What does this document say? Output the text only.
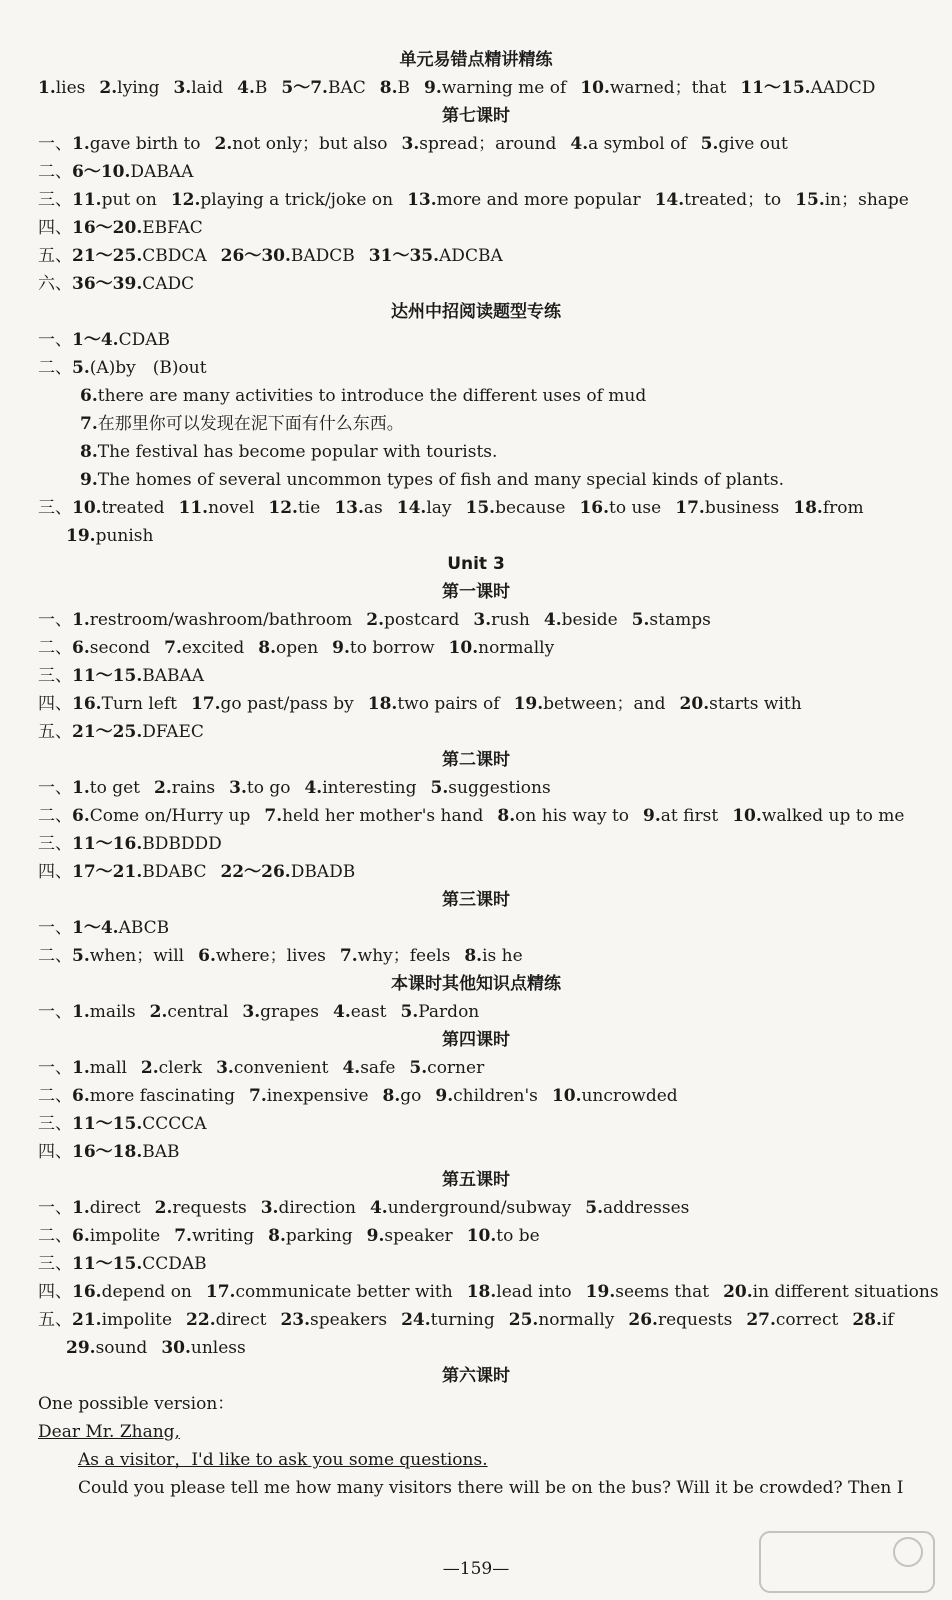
单元易错点精讲精练
1.lies 2.lying 3.laid 4.B 5～7.BAC 8.B 9.warning me of 10.warned；that 11～15.AADCD
第七课时
一、1.gave birth to 2.not only；but also 3.spread；around 4.a symbol of 5.give out
二、6～10.DABAA
三、11.put on 12.playing a trick/joke on 13.more and more popular 14.treated；to 15.in；shape
四、16～20.EBFAC
五、21～25.CBDCA 26～30.BADCB 31～35.ADCBA
六、36～39.CADC
达州中招阅读题型专练
一、1～4.CDAB
二、5.(A)by　(B)out
6.there are many activities to introduce the different uses of mud
7.在那里你可以发现在泥下面有什么东西。
8.The festival has become popular with tourists.
9.The homes of several uncommon types of fish and many special kinds of plants.
三、10.treated 11.novel 12.tie 13.as 14.lay 15.because 16.to use 17.business 18.from
19.punish
Unit 3
第一课时
一、1.restroom/washroom/bathroom 2.postcard 3.rush 4.beside 5.stamps
二、6.second 7.excited 8.open 9.to borrow 10.normally
三、11～15.BABAA
四、16.Turn left 17.go past/pass by 18.two pairs of 19.between；and 20.starts with
五、21～25.DFAEC
第二课时
一、1.to get 2.rains 3.to go 4.interesting 5.suggestions
二、6.Come on/Hurry up 7.held her mother's hand 8.on his way to 9.at first 10.walked up to me
三、11～16.BDBDDD
四、17～21.BDABC 22～26.DBADB
第三课时
一、1～4.ABCB
二、5.when；will 6.where；lives 7.why；feels 8.is he
本课时其他知识点精练
一、1.mails 2.central 3.grapes 4.east 5.Pardon
第四课时
一、1.mall 2.clerk 3.convenient 4.safe 5.corner
二、6.more fascinating 7.inexpensive 8.go 9.children's 10.uncrowded
三、11～15.CCCCA
四、16～18.BAB
第五课时
一、1.direct 2.requests 3.direction 4.underground/subway 5.addresses
二、6.impolite 7.writing 8.parking 9.speaker 10.to be
三、11～15.CCDAB
四、16.depend on 17.communicate better with 18.lead into 19.seems that 20.in different situations
五、21.impolite 22.direct 23.speakers 24.turning 25.normally 26.requests 27.correct 28.if
29.sound 30.unless
第六课时
One possible version：
Dear Mr. Zhang,
As a visitor，I'd like to ask you some questions.
Could you please tell me how many visitors there will be on the bus? Will it be crowded? Then I
—159—
